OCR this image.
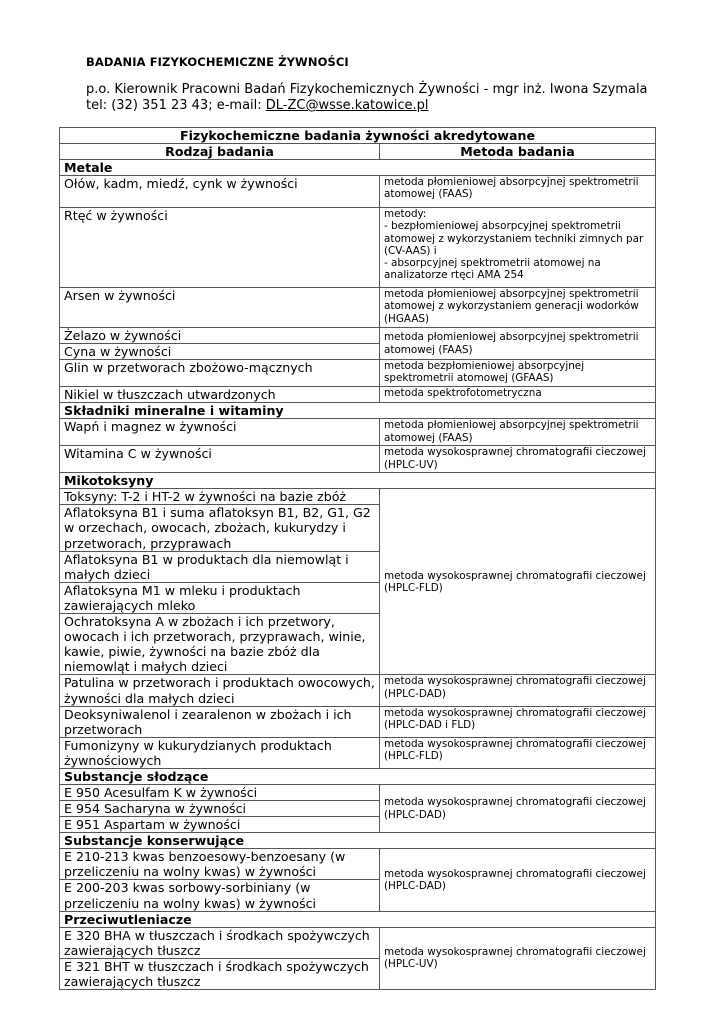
BADANIA FIZYKOCHEMICZNE ŻYWNOŚCI
p.o. Kierownik Pracowni Badań Fizykochemicznych Żywności - mgr inż. Iwona Szymala
tel: (32) 351 23 43; e-mail: DL-ZC@wsse.katowice.pl
Fizykochemiczne badania żywności akredytowane	
Rodzaj badania	Metoda badania
Metale	
Ołów, kadm, miedź, cynk w żywności	metoda płomieniowej absorpcyjnej spektrometrii atomowej (FAAS)
Rtęć w żywności	metody:
- bezpłomieniowej absorpcyjnej spektrometrii atomowej z wykorzystaniem techniki zimnych par (CV-AAS) i
- absorpcyjnej spektrometrii atomowej na analizatorze rtęci AMA 254

Arsen w żywności	metoda płomieniowej absorpcyjnej spektrometrii atomowej z wykorzystaniem generacji wodorków (HGAAS)
Żelazo w żywności	metoda płomieniowej absorpcyjnej spektrometrii atomowej (FAAS)
Cyna w żywności	
Glin w przetworach zbożowo-mącznych	metoda bezpłomieniowej absorpcyjnej spektrometrii atomowej (GFAAS)
Nikiel w tłuszczach utwardzonych	metoda spektrofotometryczna
Składniki mineralne i witaminy	
Wapń i magnez w żywności	metoda płomieniowej absorpcyjnej spektrometrii atomowej (FAAS)
Witamina C w żywności	metoda wysokosprawnej chromatografii cieczowej (HPLC-UV)
Mikotoksyny	
Toksyny: T-2 i HT-2 w żywności na bazie zbóż	metoda wysokosprawnej chromatografii cieczowej (HPLC-FLD)
Aflatoksyna B1 i suma aflatoksyn B1, B2, G1, G2 w orzechach, owocach, zbożach, kukurydzy i przetworach, przyprawach	
Aflatoksyna B1 w produktach dla niemowląt i małych dzieci	
Aflatoksyna M1 w mleku i produktach zawierających mleko	
Ochratoksyna A w zbożach i ich przetwory, owocach i ich przetworach, przyprawach, winie, kawie, piwie, żywności na bazie zbóż dla niemowląt i małych dzieci	
Patulina w przetworach i produktach owocowych, żywności dla małych dzieci	metoda wysokosprawnej chromatografii cieczowej (HPLC-DAD)
Deoksyniwalenol i zearalenon w zbożach i ich przetworach	metoda wysokosprawnej chromatografii cieczowej (HPLC-DAD i FLD)
Fumonizyny w kukurydzianych produktach żywnościowych	metoda wysokosprawnej chromatografii cieczowej (HPLC-FLD)
Substancje słodzące	
E 950 Acesulfam K w żywności	metoda wysokosprawnej chromatografii cieczowej (HPLC-DAD)
E 954 Sacharyna w żywności	
E 951 Aspartam w żywności	
Substancje konserwujące	
E 210-213 kwas benzoesowy-benzoesany (w przeliczeniu na wolny kwas) w żywności	metoda wysokosprawnej chromatografii cieczowej (HPLC-DAD)
E 200-203 kwas sorbowy-sorbiniany (w przeliczeniu na wolny kwas) w żywności	
Przeciwutleniacze	
E 320 BHA w tłuszczach i środkach spożywczych zawierających tłuszcz	metoda wysokosprawnej chromatografii cieczowej (HPLC-UV)
E 321 BHT w tłuszczach i środkach spożywczych zawierających tłuszcz	
